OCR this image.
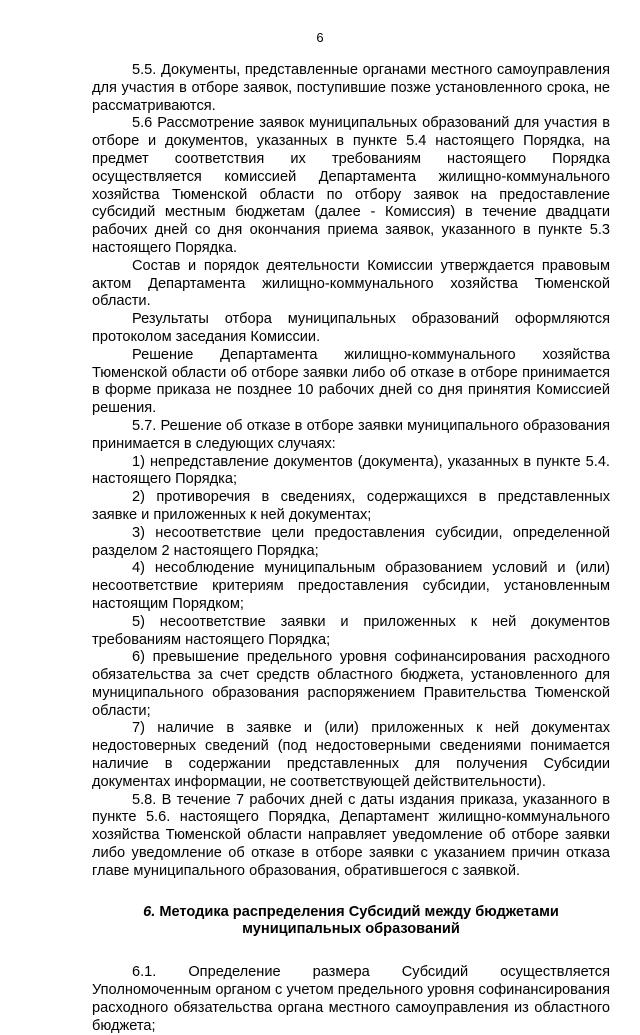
6

5.5. Документы, представленные органами местного самоуправления для участия в отборе заявок, поступившие позже установленного срока, не рассматриваются.

5.6 Рассмотрение заявок муниципальных образований для участия в отборе и документов, указанных в пункте 5.4 настоящего Порядка, на предмет соответствия их требованиям настоящего Порядка осуществляется комиссией Департамента жилищно-коммунального хозяйства Тюменской области по отбору заявок на предоставление субсидий местным бюджетам (далее - Комиссия) в течение двадцати рабочих дней со дня окончания приема заявок, указанного в пункте 5.3 настоящего Порядка.

Состав и порядок деятельности Комиссии утверждается правовым актом Департамента жилищно-коммунального хозяйства Тюменской области.

Результаты отбора муниципальных образований оформляются протоколом заседания Комиссии.

Решение Департамента жилищно-коммунального хозяйства Тюменской области об отборе заявки либо об отказе в отборе принимается в форме приказа не позднее 10 рабочих дней со дня принятия Комиссией решения.

5.7. Решение об отказе в отборе заявки муниципального образования принимается в следующих случаях:

1) непредставление документов (документа), указанных в пункте 5.4. настоящего Порядка;

2) противоречия в сведениях, содержащихся в представленных заявке и приложенных к ней документах;

3) несоответствие цели предоставления субсидии, определенной разделом 2 настоящего Порядка;

4) несоблюдение муниципальным образованием условий и (или) несоответствие критериям предоставления субсидии, установленным настоящим Порядком;

5) несоответствие заявки и приложенных к ней документов требованиям настоящего Порядка;

6) превышение предельного уровня софинансирования расходного обязательства за счет средств областного бюджета, установленного для муниципального образования распоряжением Правительства Тюменской области;

7) наличие в заявке и (или) приложенных к ней документах недостоверных сведений (под недостоверными сведениями понимается наличие в содержании представленных для получения Субсидии документах информации, не соответствующей действительности).

5.8. В течение 7 рабочих дней с даты издания приказа, указанного в пункте 5.6. настоящего Порядка, Департамент жилищно-коммунального хозяйства Тюменской области направляет уведомление об отборе заявки либо уведомление об отказе в отборе заявки с указанием причин отказа главе муниципального образования, обратившегося с заявкой.

6. Методика распределения Субсидий между бюджетами муниципальных образований

6.1. Определение размера Субсидий осуществляется Уполномоченным органом с учетом предельного уровня софинансирования расходного обязательства органа местного самоуправления из областного бюджета;
